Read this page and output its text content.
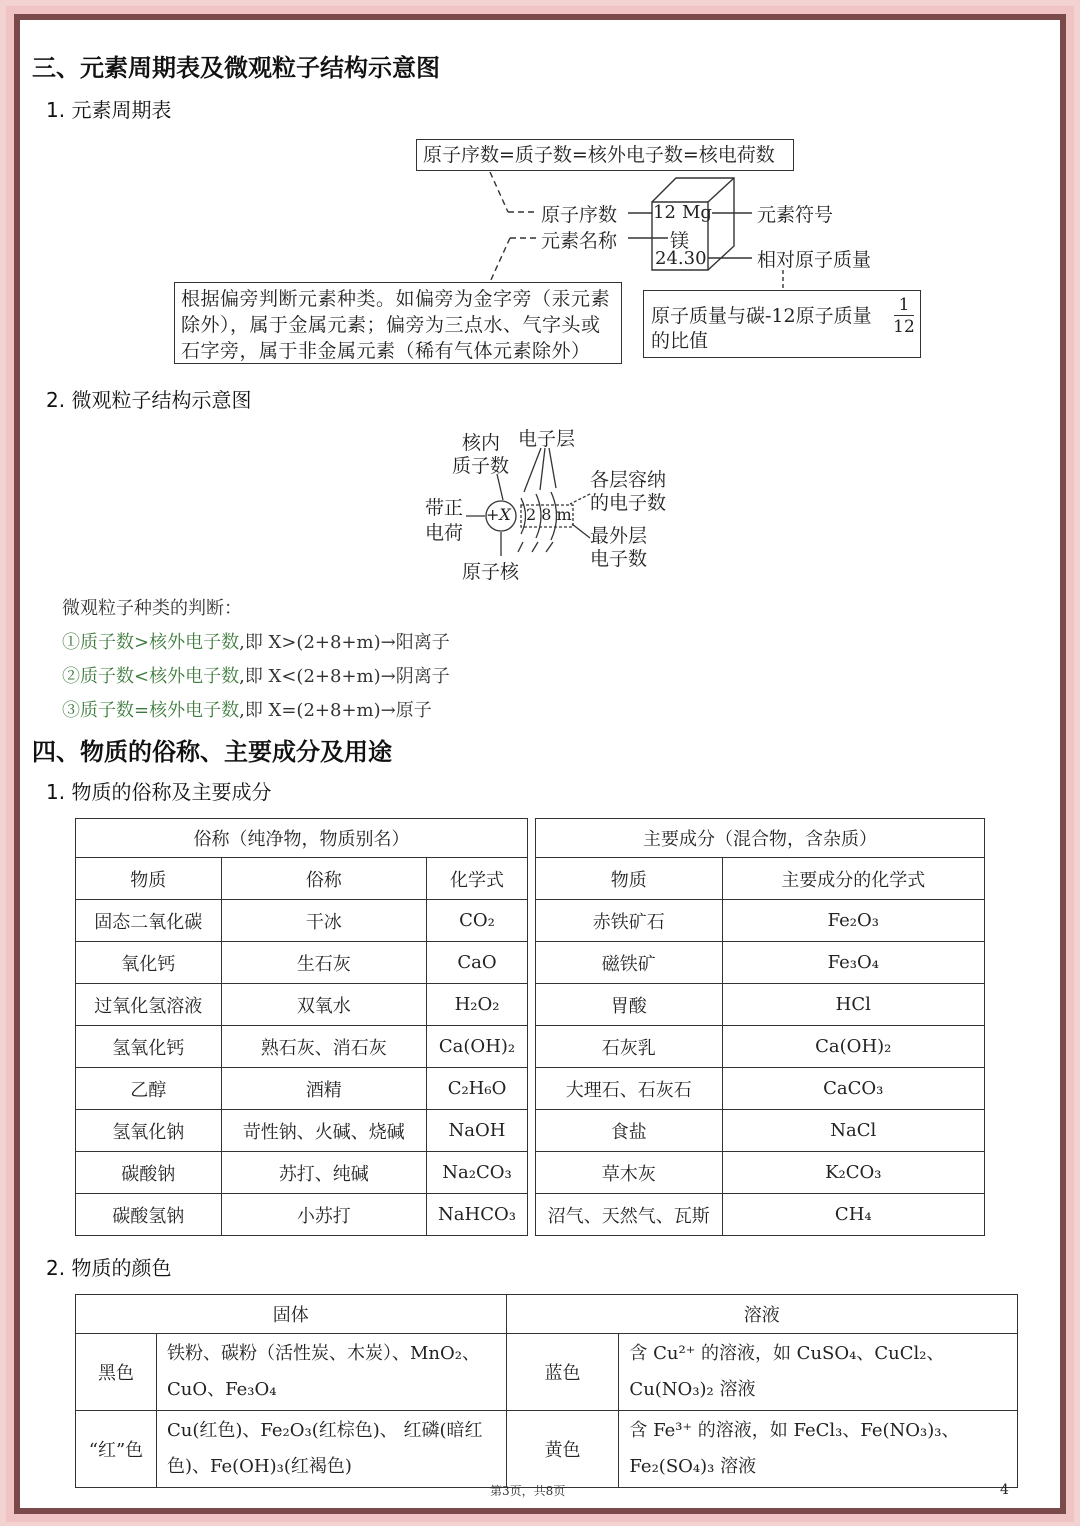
三、元素周期表及微观粒子结构示意图
1. 元素周期表
原子序数=质子数=核外电子数=核电荷数
原子序数
元素名称
12 Mg
镁
24.30
元素符号
相对原子质量
根据偏旁判断元素种类。如偏旁为金字旁（汞元素除外），属于金属元素；偏旁为三点水、气字头或石字旁，属于非金属元素（稀有气体元素除外）
原子质量与碳-12原子质量
的比值
1
12
2. 微观粒子结构示意图
核内
质子数
电子层
各层容纳
的电子数
带正
电荷
+X 2 8 m
最外层
电子数
原子核
微观粒子种类的判断：
①质子数>核外电子数,即 X>(2+8+m)→阳离子
②质子数<核外电子数,即 X<(2+8+m)→阴离子
③质子数=核外电子数,即 X=(2+8+m)→原子
四、物质的俗称、主要成分及用途
1. 物质的俗称及主要成分
俗称（纯净物，物质别名）		
物质	俗称	化学式
固态二氧化碳	干冰	CO₂
氧化钙	生石灰	CaO
过氧化氢溶液	双氧水	H₂O₂
氢氧化钙	熟石灰、消石灰	Ca(OH)₂
乙醇	酒精	C₂H₆O
氢氧化钠	苛性钠、火碱、烧碱	NaOH
碳酸钠	苏打、纯碱	Na₂CO₃
碳酸氢钠	小苏打	NaHCO₃
主要成分（混合物，含杂质）	
物质	主要成分的化学式
赤铁矿石	Fe₂O₃
磁铁矿	Fe₃O₄
胃酸	HCl
石灰乳	Ca(OH)₂
大理石、石灰石	CaCO₃
食盐	NaCl
草木灰	K₂CO₃
沼气、天然气、瓦斯	CH₄
2. 物质的颜色
固体		溶液	
黑色	铁粉、碳粉（活性炭、木炭）、MnO₂、CuO、Fe₃O₄	蓝色	含 Cu²⁺ 的溶液，如 CuSO₄、CuCl₂、Cu(NO₃)₂ 溶液
“红”色	Cu(红色)、Fe₂O₃(红棕色)、 红磷(暗红色)、Fe(OH)₃(红褐色)	黄色	含 Fe³⁺ 的溶液，如 FeCl₃、Fe(NO₃)₃、Fe₂(SO₄)₃ 溶液
第3页，共8页	4
